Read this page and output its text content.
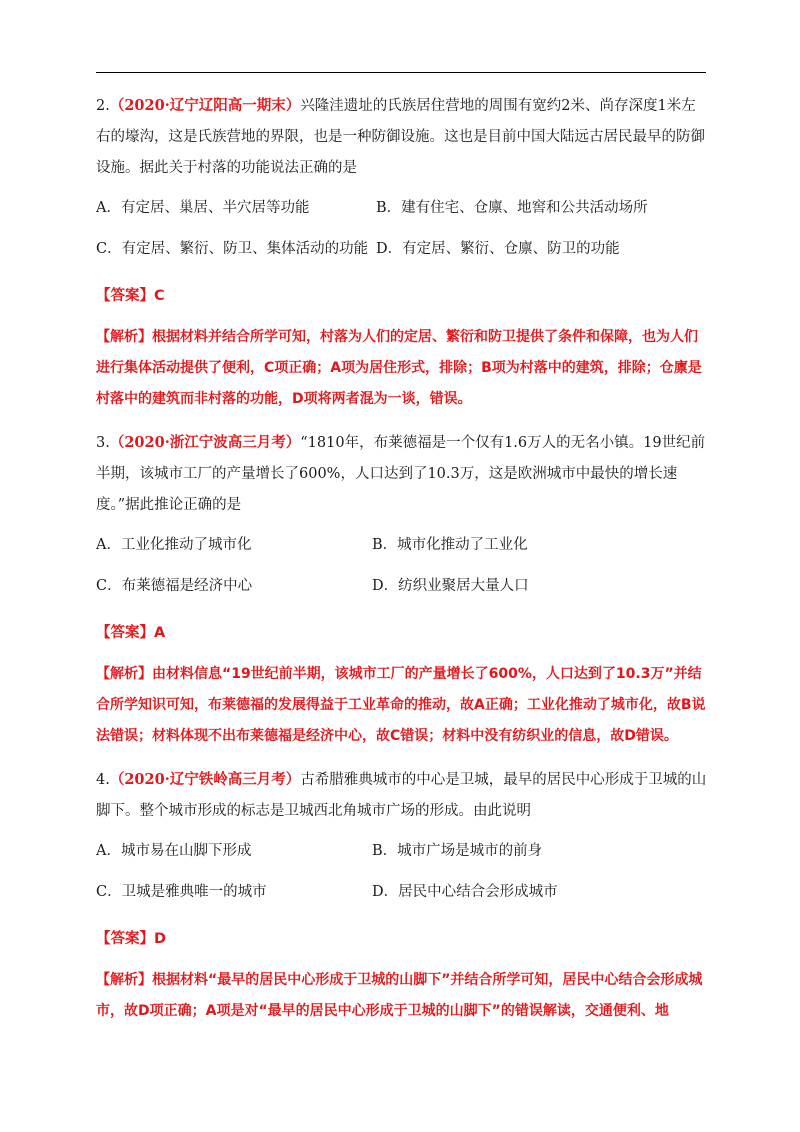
2.（2020·辽宁辽阳高一期末）兴隆洼遗址的氏族居住营地的周围有宽约2米、尚存深度1米左右的壕沟，这是氏族营地的界限，也是一种防御设施。这也是目前中国大陆远古居民最早的防御设施。据此关于村落的功能说法正确的是

A．有定居、巢居、半穴居等功能	B．建有住宅、仓廪、地窖和公共活动场所
C．有定居、繁衍、防卫、集体活动的功能 D．有定居、繁衍、仓廪、防卫的功能

【答案】C

【解析】根据材料并结合所学可知，村落为人们的定居、繁衍和防卫提供了条件和保障，也为人们进行集体活动提供了便利，C项正确；A项为居住形式，排除；B项为村落中的建筑，排除；仓廪是村落中的建筑而非村落的功能，D项将两者混为一谈，错误。

3.（2020·浙江宁波高三月考）“1810年，布莱德福是一个仅有1.6万人的无名小镇。19世纪前半期，该城市工厂的产量增长了600%，人口达到了10.3万，这是欧洲城市中最快的增长速度。”据此推论正确的是

A．工业化推动了城市化	B．城市化推动了工业化
C．布莱德福是经济中心	D．纺织业聚居大量人口

【答案】A

【解析】由材料信息“19世纪前半期，该城市工厂的产量增长了600%，人口达到了10.3万”并结合所学知识可知，布莱德福的发展得益于工业革命的推动，故A正确；工业化推动了城市化，故B说法错误；材料体现不出布莱德福是经济中心，故C错误；材料中没有纺织业的信息，故D错误。

4.（2020·辽宁铁岭高三月考）古希腊雅典城市的中心是卫城，最早的居民中心形成于卫城的山脚下。整个城市形成的标志是卫城西北角城市广场的形成。由此说明

A．城市易在山脚下形成	B．城市广场是城市的前身
C．卫城是雅典唯一的城市	D．居民中心结合会形成城市

【答案】D

【解析】根据材料“最早的居民中心形成于卫城的山脚下”并结合所学可知，居民中心结合会形成城市，故D项正确；A项是对“最早的居民中心形成于卫城的山脚下”的错误解读，交通便利、地
